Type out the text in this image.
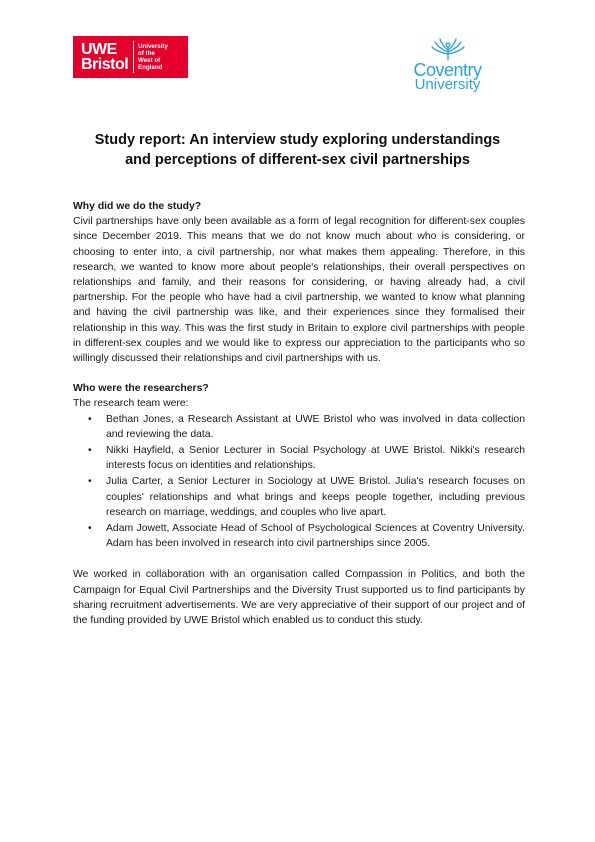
UWE Bristol
University
of the
West of
England	Coventry
University
Study report: An interview study exploring understandings
and perceptions of different-sex civil partnerships
Why did we do the study?

Civil partnerships have only been available as a form of legal recognition for different-sex couples since December 2019. This means that we do not know much about who is considering, or choosing to enter into, a civil partnership, nor what makes them appealing. Therefore, in this research, we wanted to know more about people's relationships, their overall perspectives on relationships and family, and their reasons for considering, or having already had, a civil partnership. For the people who have had a civil partnership, we wanted to know what planning and having the civil partnership was like, and their experiences since they formalised their relationship in this way. This was the first study in Britain to explore civil partnerships with people in different-sex couples and we would like to express our appreciation to the participants who so willingly discussed their relationships and civil partnerships with us.

Who were the researchers?

The research team were:

• Bethan Jones, a Research Assistant at UWE Bristol who was involved in data collection and reviewing the data.
• Nikki Hayfield, a Senior Lecturer in Social Psychology at UWE Bristol. Nikki's research interests focus on identities and relationships.
• Julia Carter, a Senior Lecturer in Sociology at UWE Bristol. Julia's research focuses on couples' relationships and what brings and keeps people together, including previous research on marriage, weddings, and couples who live apart.
• Adam Jowett, Associate Head of School of Psychological Sciences at Coventry University. Adam has been involved in research into civil partnerships since 2005.

We worked in collaboration with an organisation called Compassion in Politics, and both the Campaign for Equal Civil Partnerships and the Diversity Trust supported us to find participants by sharing recruitment advertisements. We are very appreciative of their support of our project and of the funding provided by UWE Bristol which enabled us to conduct this study.
